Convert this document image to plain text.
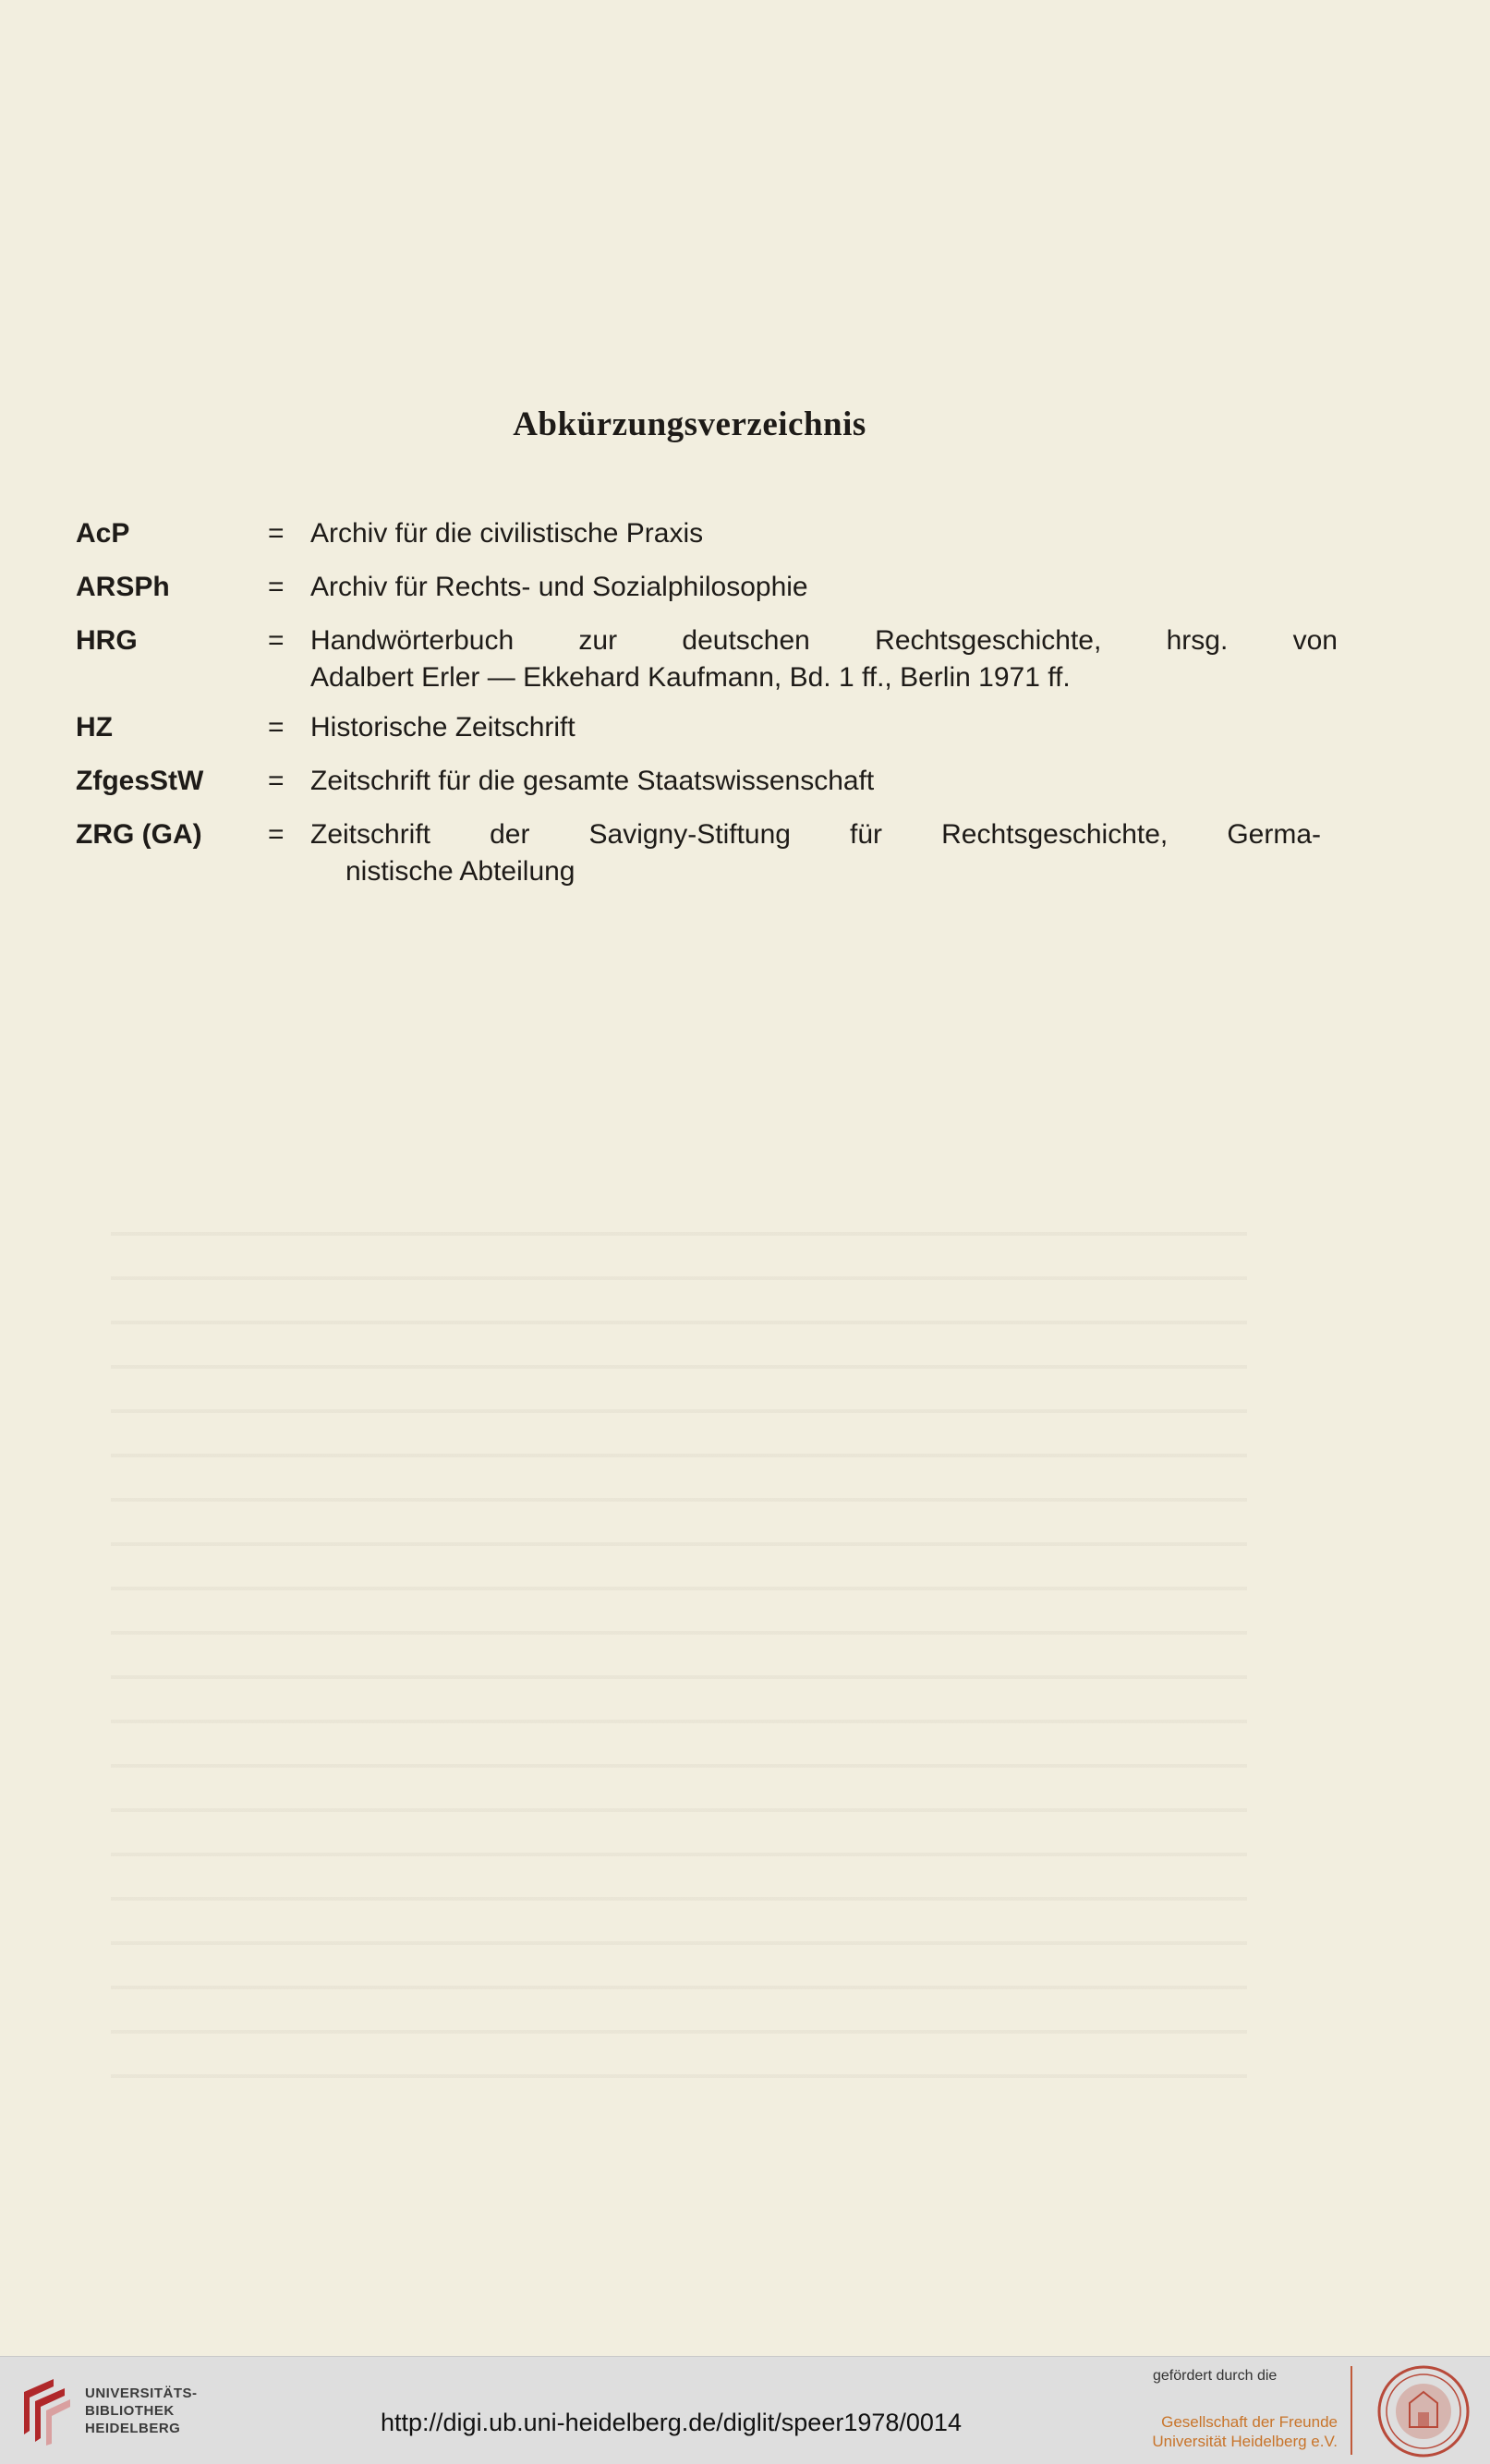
Abkürzungsverzeichnis
AcP	= Archiv für die civilistische Praxis
ARSPh	= Archiv für Rechts- und Sozialphilosophie
HRG	= Handwörterbuch zur deutschen Rechtsgeschichte, hrsg. von
Adalbert Erler — Ekkehard Kaufmann, Bd. 1 ff., Berlin 1971 ff.
HZ	= Historische Zeitschrift
ZfgesStW = Zeitschrift für die gesamte Staatswissenschaft
ZRG (GA) = Zeitschrift der Savigny-Stiftung für Rechtsgeschichte, Germa-
nistische Abteilung
UNIVERSITÄTS-
BIBLIOTHEK
HEIDELBERG	http://digi.ub.uni-heidelberg.de/diglit/speer1978/0014
gefördert durch die
Gesellschaft der Freunde
Universität Heidelberg e.V.
